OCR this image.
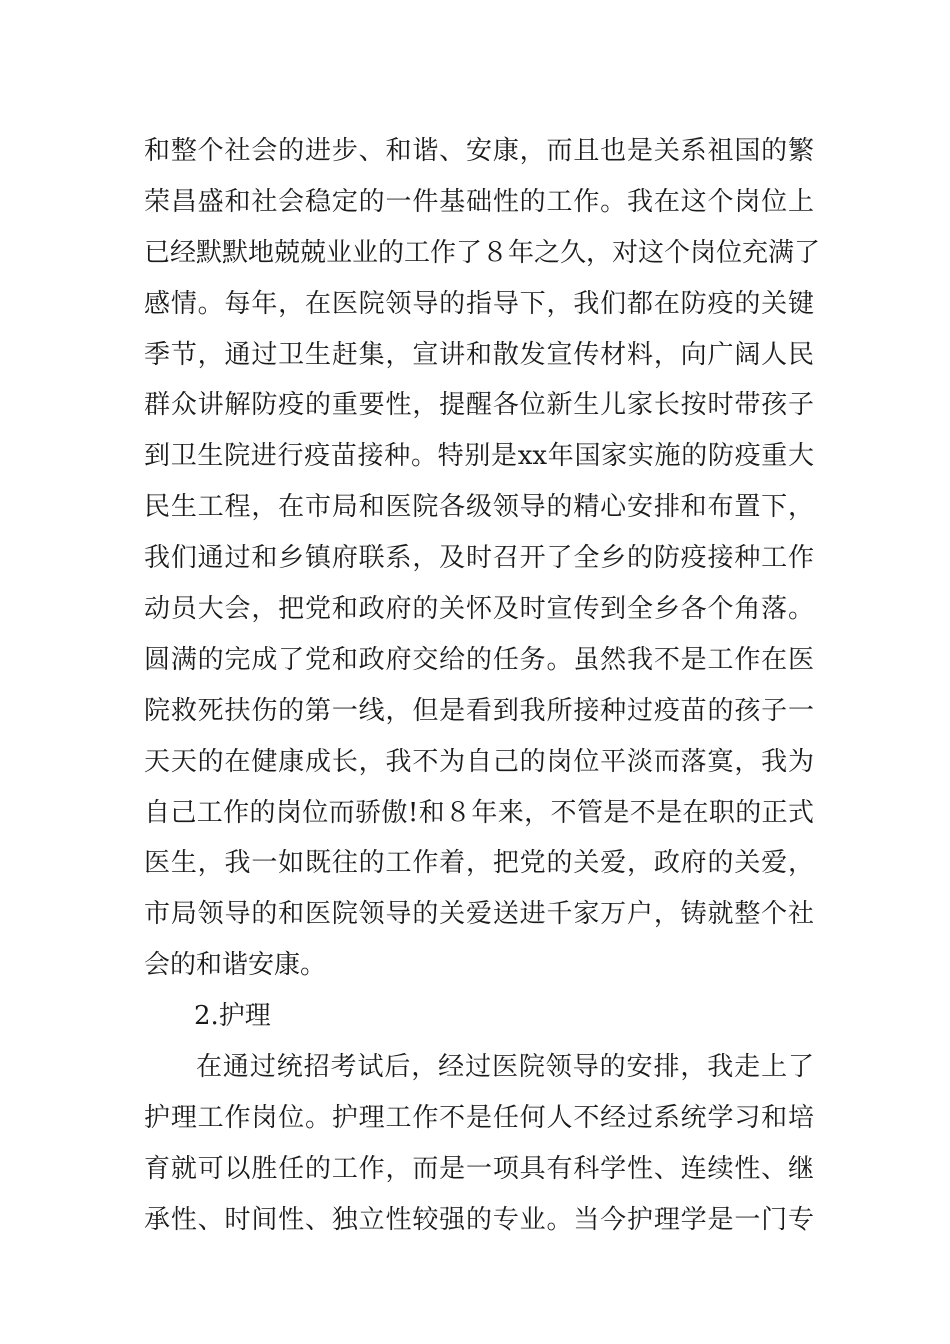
和整个社会的进步、和谐、安康，而且也是关系祖国的繁
荣昌盛和社会稳定的一件基础性的工作。我在这个岗位上
已经默默地兢兢业业的工作了８年之久，对这个岗位充满了
感情。每年，在医院领导的指导下，我们都在防疫的关键
季节，通过卫生赶集，宣讲和散发宣传材料，向广阔人民
群众讲解防疫的重要性，提醒各位新生儿家长按时带孩子
到卫生院进行疫苗接种。特别是xx年国家实施的防疫重大
民生工程，在市局和医院各级领导的精心安排和布置下，
我们通过和乡镇府联系，及时召开了全乡的防疫接种工作
动员大会，把党和政府的关怀及时宣传到全乡各个角落。
圆满的完成了党和政府交给的任务。虽然我不是工作在医
院救死扶伤的第一线，但是看到我所接种过疫苗的孩子一
天天的在健康成长，我不为自己的岗位平淡而落寞，我为
自己工作的岗位而骄傲!和８年来，不管是不是在职的正式
医生，我一如既往的工作着，把党的关爱，政府的关爱，
市局领导的和医院领导的关爱送进千家万户，铸就整个社
会的和谐安康。
2.护理
在通过统招考试后，经过医院领导的安排，我走上了
护理工作岗位。护理工作不是任何人不经过系统学习和培
育就可以胜任的工作，而是一项具有科学性、连续性、继
承性、时间性、独立性较强的专业。当今护理学是一门专
